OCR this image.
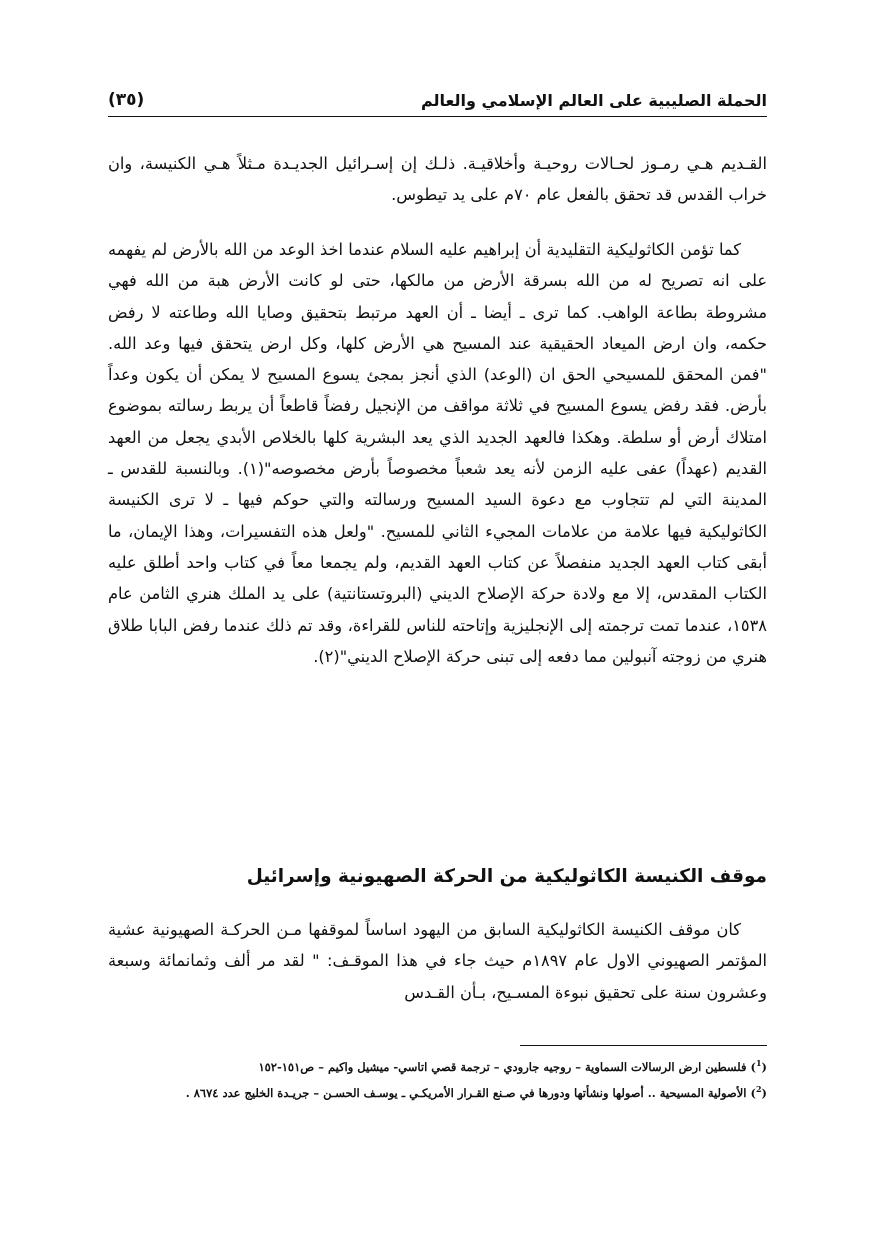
الحملة الصليبية على العالم الإسلامي والعالم
(٣٥)

القـديم هـي رمـوز لحـالات روحيـة وأخلاقيـة. ذلـك إن إسـرائيل الجديـدة مـثلاً هـي الكنيسة، وان خراب القدس قد تحقق بالفعل عام ٧٠م على يد تيطوس.

كما تؤمن الكاثوليكية التقليدية أن إبراهيم عليه السلام عندما اخذ الوعد من الله بالأرض لم يفهمه على انه تصريح له من الله بسرقة الأرض من مالكها، حتى لو كانت الأرض هبة من الله فهي مشروطة بطاعة الواهب. كما ترى ـ أيضا ـ أن العهد مرتبط بتحقيق وصايا الله وطاعته لا رفض حكمه، وان ارض الميعاد الحقيقية عند المسيح هي الأرض كلها، وكل ارض يتحقق فيها وعد الله. "فمن المحقق للمسيحي الحق ان (الوعد) الذي أنجز بمجئ يسوع المسيح لا يمكن أن يكون وعداً بأرض. فقد رفض يسوع المسيح في ثلاثة مواقف من الإنجيل رفضاً قاطعاً أن يربط رسالته بموضوع امتلاك أرض أو سلطة. وهكذا فالعهد الجديد الذي يعد البشرية كلها بالخلاص الأبدي يجعل من العهد القديم (عهداً) عفى عليه الزمن لأنه يعد شعباً مخصوصاً بأرض مخصوصه"(١). وبالنسبة للقدس ـ المدينة التي لم تتجاوب مع دعوة السيد المسيح ورسالته والتي حوكم فيها ـ لا ترى الكنيسة الكاثوليكية فيها علامة من علامات المجيء الثاني للمسيح. "ولعل هذه التفسيرات، وهذا الإيمان، ما أبقى كتاب العهد الجديد منفصلاً عن كتاب العهد القديم، ولم يجمعا معاً في كتاب واحد أطلق عليه الكتاب المقدس، إلا مع ولادة حركة الإصلاح الديني (البروتستانتية) على يد الملك هنري الثامن عام ١٥٣٨، عندما تمت ترجمته إلى الإنجليزية وإتاحته للناس للقراءة، وقد تم ذلك عندما رفض البابا طلاق هنري من زوجته آنبولين مما دفعه إلى تبنى حركة الإصلاح الديني"(٢).

موقف الكنيسة الكاثوليكية من الحركة الصهيونية وإسرائيل

كان موقف الكنيسة الكاثوليكية السابق من اليهود اساساً لموقفها مـن الحركـة الصهيونية عشية المؤتمر الصهيوني الاول عام ١٨٩٧م حيث جاء في هذا الموقـف: " لقد مر ألف وثمانمائة وسبعة وعشرون سنة على تحقيق نبوءة المسـيح، بـأن القـدس

($^1$) فلسطين ارض الرسالات السماوية – روجيه جارودي – ترجمة قصي اتاسي- ميشيل واكيم – ص١٥١-١٥٢
($^2$) الأصولية المسيحية .. أصولها ونشأتها ودورها في صـنع القـرار الأمريكـي ـ يوسـف الحسـن – جريـدة الخليج عدد ٨٦٧٤ .
